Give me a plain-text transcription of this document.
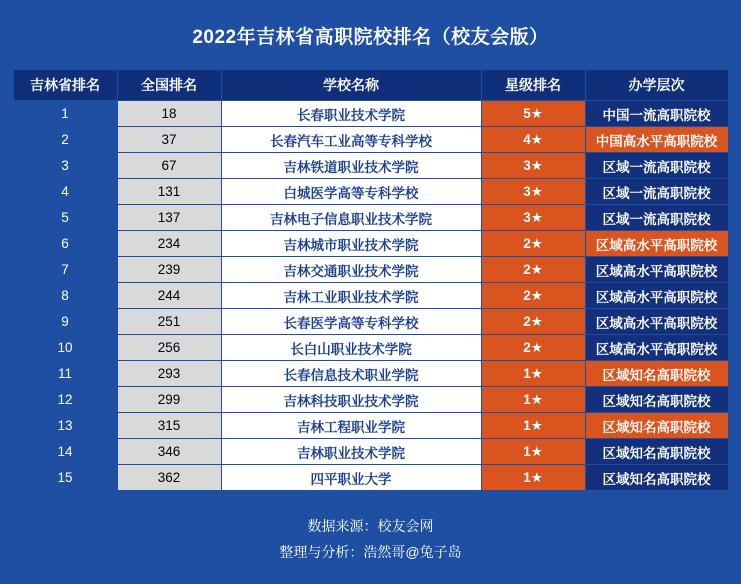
2022年吉林省高职院校排名（校友会版）
吉林省排名	全国排名	学校名称	星级排名	办学层次
1	18	长春职业技术学院	5★	中国一流高职院校
2	37	长春汽车工业高等专科学校	4★	中国高水平高职院校
3	67	吉林铁道职业技术学院	3★	区域一流高职院校
4	131	白城医学高等专科学校	3★	区域一流高职院校
5	137	吉林电子信息职业技术学院	3★	区域一流高职院校
6	234	吉林城市职业技术学院	2★	区域高水平高职院校
7	239	吉林交通职业技术学院	2★	区域高水平高职院校
8	244	吉林工业职业技术学院	2★	区域高水平高职院校
9	251	长春医学高等专科学校	2★	区域高水平高职院校
10	256	长白山职业技术学院	2★	区域高水平高职院校
11	293	长春信息技术职业学院	1★	区域知名高职院校
12	299	吉林科技职业技术学院	1★	区域知名高职院校
13	315	吉林工程职业学院	1★	区域知名高职院校
14	346	吉林职业技术学院	1★	区域知名高职院校
15	362	四平职业大学	1★	区域知名高职院校
数据来源：校友会网
整理与分析：浩然哥@兔子岛
